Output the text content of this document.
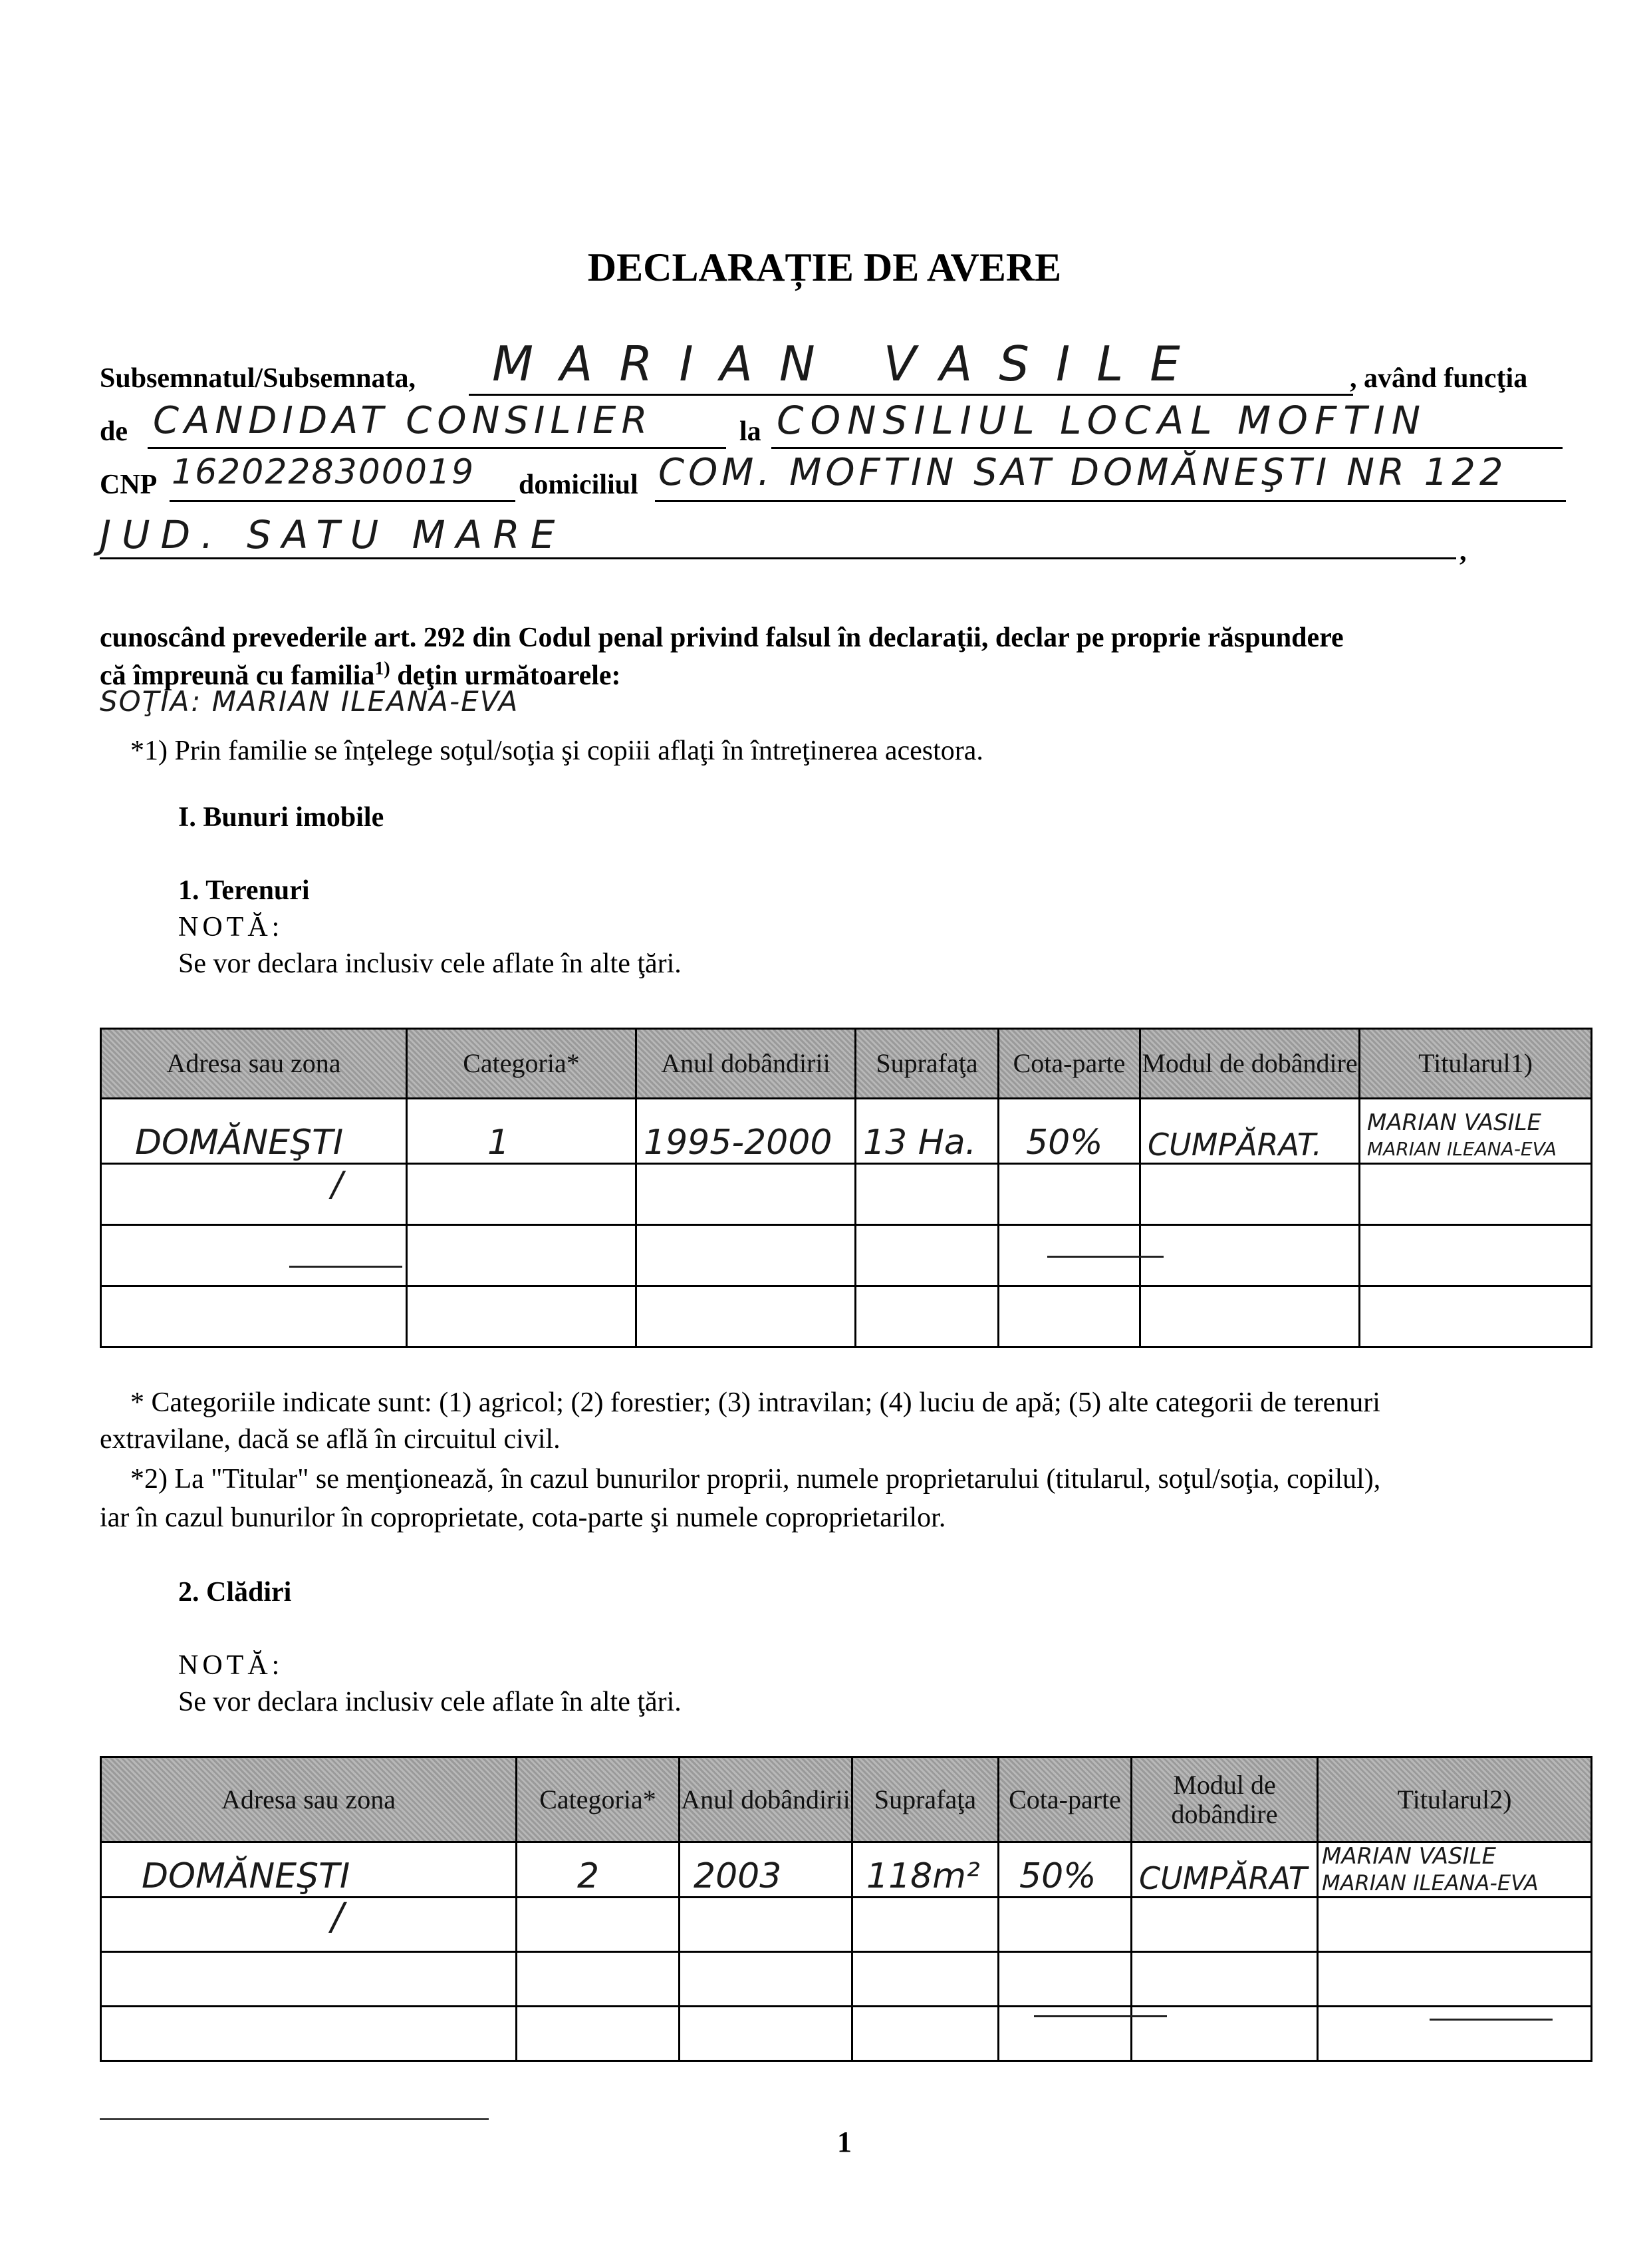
DECLARAȚIE DE AVERE
Subsemnatul/Subsemnata, MARIAN VASILE	, având funcţia
de CANDIDAT CONSILIER	la CONSILIUL LOCAL MOFTIN
CNP 1620228300019 domiciliul COM. MOFTIN SAT DOMĂNEŞTI NR 122
JUD. SATU MARE	,
cunoscând prevederile art. 292 din Codul penal privind falsul în declaraţii, declar pe proprie răspundere
că împreună cu familia$^{1)}$ deţin următoarele:
SOŢIA: MARIAN ILEANA-EVA
*1) Prin familie se înţelege soţul/soţia şi copiii aflaţi în întreţinerea acestora.
I. Bunuri imobile
1. Terenuri
NOTĂ:
Se vor declara inclusiv cele aflate în alte ţări.
Adresa sau zona	Categoria*	Anul dobândirii	Suprafaţa	Cota-parte	Modul de dobândire	Titularul1)
DOMĂNEŞTI	1	1995-2000	13 Ha.	50%	CUMPĂRAT.	MARIAN VASILE
MARIAN ILEANA-EVA

/						

* Categoriile indicate sunt: (1) agricol; (2) forestier; (3) intravilan; (4) luciu de apă; (5) alte categorii de terenuri
extravilane, dacă se află în circuitul civil.
*2) La "Titular" se menţionează, în cazul bunurilor proprii, numele proprietarului (titularul, soţul/soţia, copilul),
iar în cazul bunurilor în coproprietate, cota-parte şi numele coproprietarilor.
2. Clădiri
NOTĂ:
Se vor declara inclusiv cele aflate în alte ţări.
Adresa sau zona	Categoria*	Anul dobândirii	Suprafaţa	Cota-parte	Modul de dobândire	Titularul2)
DOMĂNEŞTI	2	2003	118m²	50%	CUMPĂRAT	MARIAN VASILE
MARIAN ILEANA-EVA

/						

1
